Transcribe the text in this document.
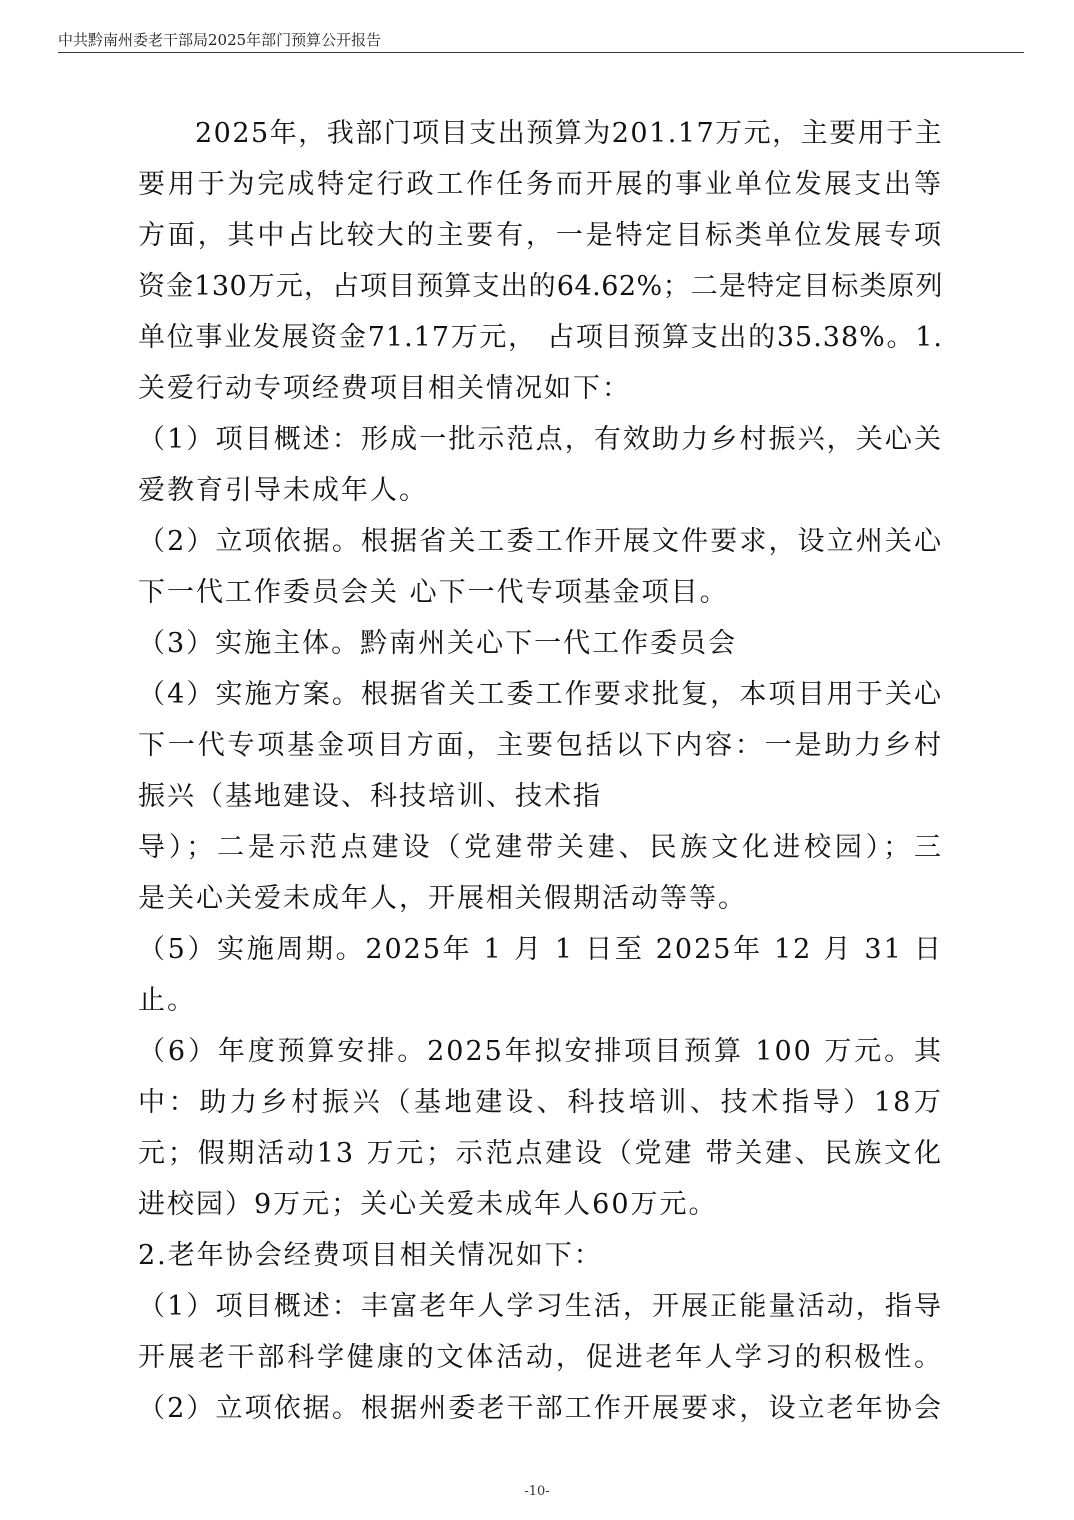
中共黔南州委老干部局2025年部门预算公开报告
　　2025年，我部门项目支出预算为201.17万元，主要用于主
要用于为完成特定行政工作任务而开展的事业单位发展支出等
方面，其中占比较大的主要有，一是特定目标类单位发展专项
资金130万元，占项目预算支出的64.62%；二是特定目标类原列
单位事业发展资金71.17万元， 占项目预算支出的35.38%。1.
关爱行动专项经费项目相关情况如下：
（1）项目概述：形成一批示范点，有效助力乡村振兴，关心关
爱教育引导未成年人。
（2）立项依据。根据省关工委工作开展文件要求，设立州关心
下一代工作委员会关 心下一代专项基金项目。
（3）实施主体。黔南州关心下一代工作委员会
（4）实施方案。根据省关工委工作要求批复，本项目用于关心
下一代专项基金项目方面，主要包括以下内容：一是助力乡村
振兴（基地建设、科技培训、技术指
导）；二是示范点建设（党建带关建、民族文化进校园）；三
是关心关爱未成年人，开展相关假期活动等等。
（5）实施周期。2025年 1 月 1 日至 2025年 12 月 31 日
止。
（6）年度预算安排。2025年拟安排项目预算 100 万元。其
中：助力乡村振兴（基地建设、科技培训、技术指导）18万
元；假期活动13 万元；示范点建设（党建 带关建、民族文化
进校园）9万元；关心关爱未成年人60万元。
2.老年协会经费项目相关情况如下：
（1）项目概述：丰富老年人学习生活，开展正能量活动，指导
开展老干部科学健康的文体活动，促进老年人学习的积极性。
（2）立项依据。根据州委老干部工作开展要求，设立老年协会
-10-
